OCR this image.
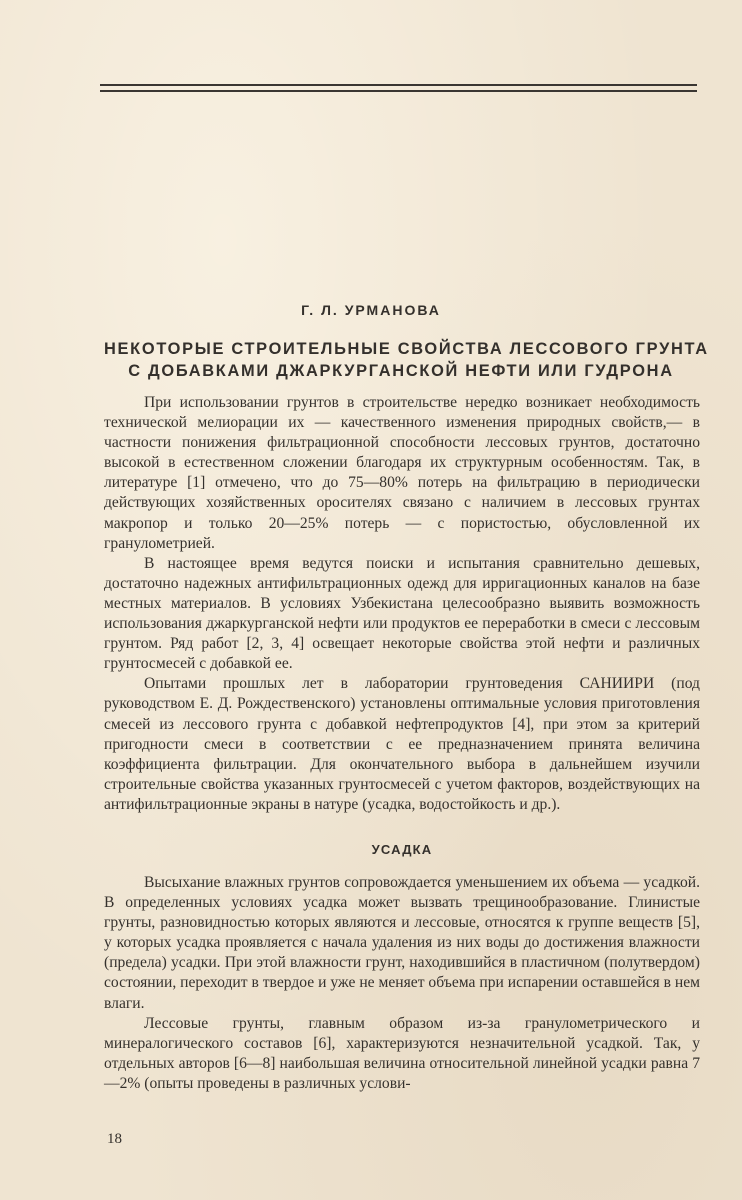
Г. Л. УРМАНОВА
НЕКОТОРЫЕ СТРОИТЕЛЬНЫЕ СВОЙСТВА ЛЕССОВОГО ГРУНТА
С ДОБАВКАМИ ДЖАРКУРГАНСКОЙ НЕФТИ ИЛИ ГУДРОНА

При использовании грунтов в строительстве нередко возникает необходимость технической мелиорации их — качественного изменения природных свойств,— в частности понижения фильтрационной способности лессовых грунтов, достаточно высокой в естественном сложении благодаря их структурным особенностям. Так, в литературе [1] отмечено, что до 75—80% потерь на фильтрацию в периодически действующих хозяйственных оросителях связано с наличием в лессовых грунтах макропор и только 20—25% потерь — с пористостью, обусловленной их гранулометрией.

В настоящее время ведутся поиски и испытания сравнительно дешевых, достаточно надежных антифильтрационных одежд для ирригационных каналов на базе местных материалов. В условиях Узбекистана целесообразно выявить возможность использования джаркурганской нефти или продуктов ее переработки в смеси с лессовым грунтом. Ряд работ [2, 3, 4] освещает некоторые свойства этой нефти и различных грунтосмесей с добавкой ее.

Опытами прошлых лет в лаборатории грунтоведения САНИИРИ (под руководством Е. Д. Рождественского) установлены оптимальные условия приготовления смесей из лессового грунта с добавкой нефтепродуктов [4], при этом за критерий пригодности смеси в соответствии с ее предназначением принята величина коэффициента фильтрации. Для окончательного выбора в дальнейшем изучили строительные свойства указанных грунтосмесей с учетом факторов, воздействующих на антифильтрационные экраны в натуре (усадка, водостойкость и др.).

УСАДКА

Высыхание влажных грунтов сопровождается уменьшением их объема — усадкой. В определенных условиях усадка может вызвать трещинообразование. Глинистые грунты, разновидностью которых являются и лессовые, относятся к группе веществ [5], у которых усадка проявляется с начала удаления из них воды до достижения влажности (предела) усадки. При этой влажности грунт, находившийся в пластичном (полутвердом) состоянии, переходит в твердое и уже не меняет объема при испарении оставшейся в нем влаги.

Лессовые грунты, главным образом из-за гранулометрического и минералогического составов [6], характеризуются незначительной усадкой. Так, у отдельных авторов [6—8] наибольшая величина относительной линейной усадки равна 7—2% (опыты проведены в различных услови-

18
